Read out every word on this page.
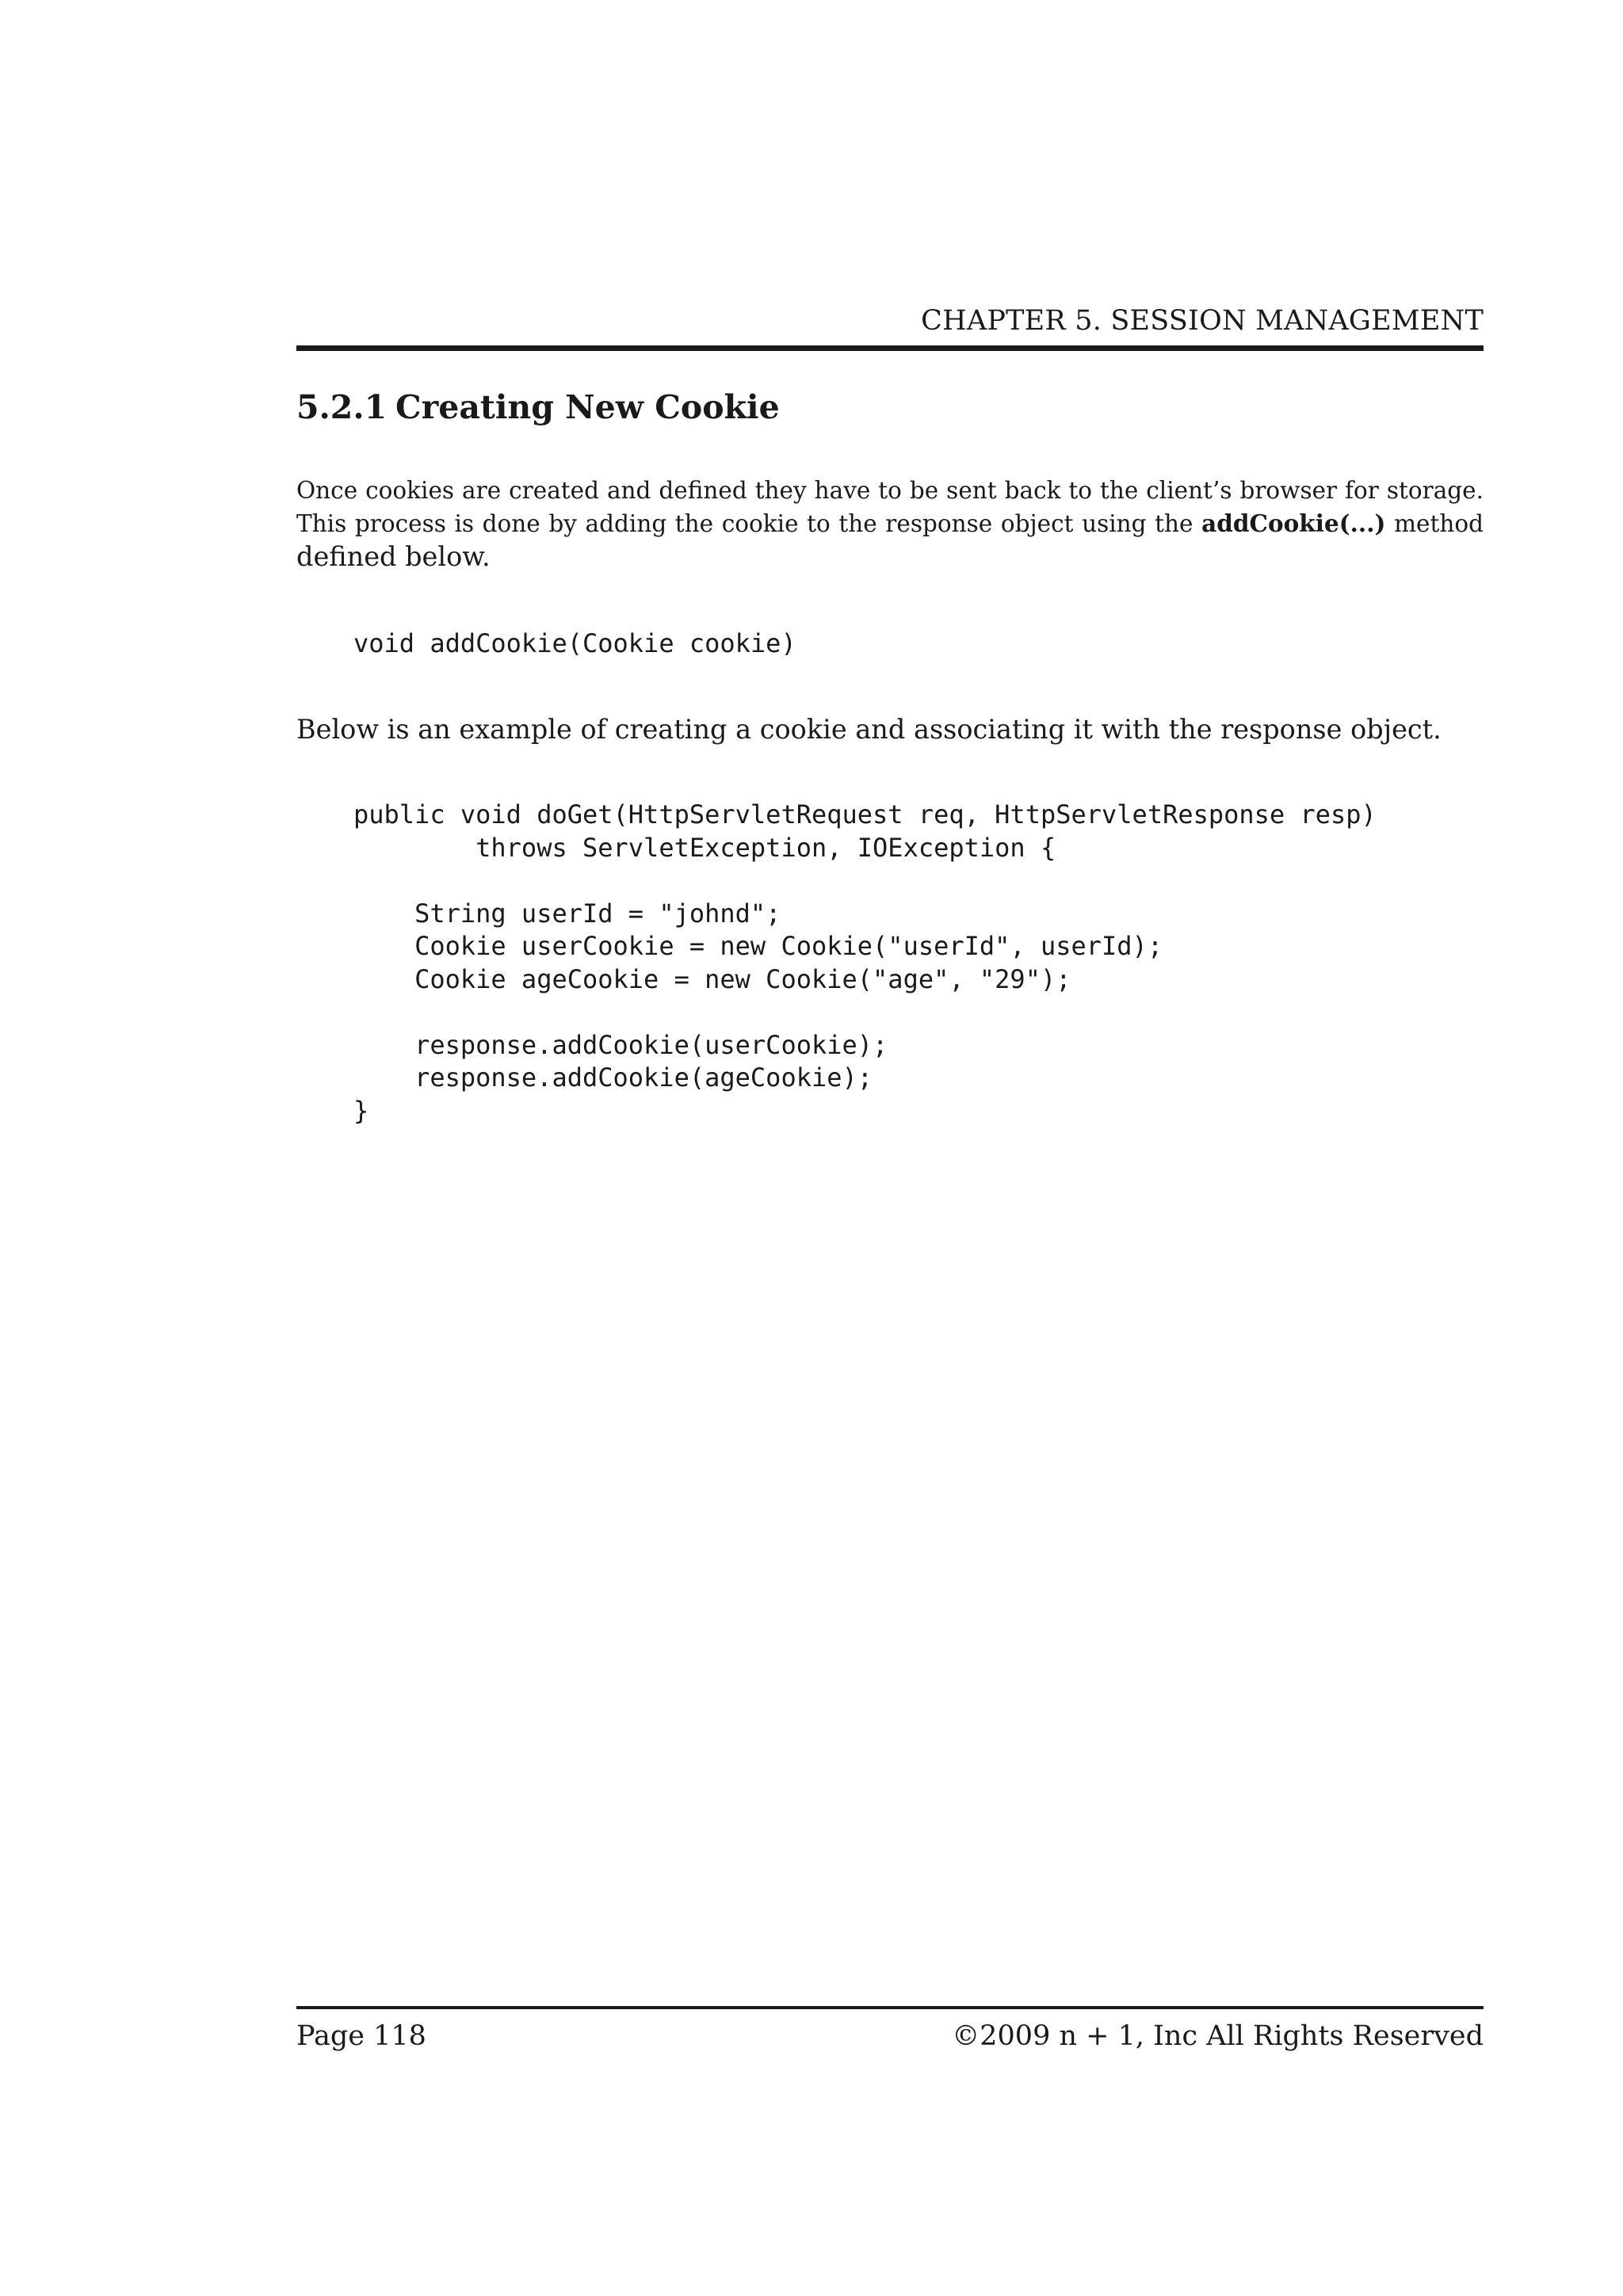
CHAPTER 5. SESSION MANAGEMENT
5.2.1 Creating New Cookie
Once cookies are created and defined they have to be sent back to the client’s browser for storage.
This process is done by adding the cookie to the response object using the addCookie(...) method
defined below.
void addCookie(Cookie cookie)
Below is an example of creating a cookie and associating it with the response object.
public void doGet(HttpServletRequest req, HttpServletResponse resp)
throws ServletException, IOException {
String userId = "johnd";
Cookie userCookie = new Cookie("userId", userId);
Cookie ageCookie = new Cookie("age", "29");
response.addCookie(userCookie);
response.addCookie(ageCookie);
}
Page 118	©2009 n + 1, Inc All Rights Reserved
